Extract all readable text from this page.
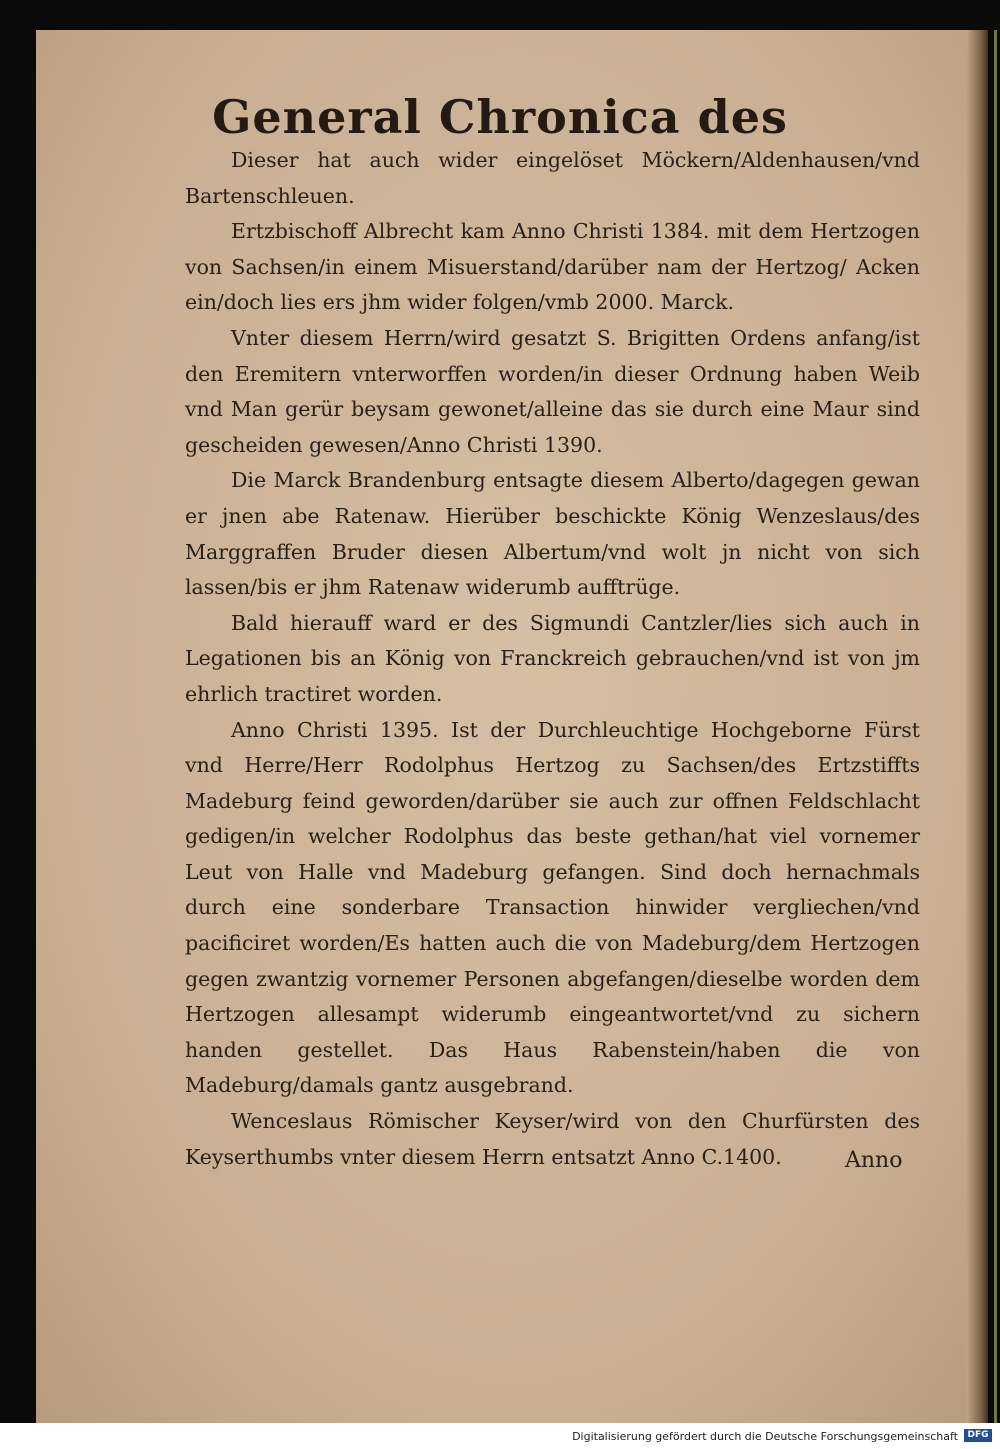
General Chronica des

Dieser hat auch wider eingelöset Möckern/Aldenhausen/vnd Bartenschleuen.

Ertzbischoff Albrecht kam Anno Christi 1384. mit dem Hertzogen von Sachsen/in einem Misuerstand/darüber nam der Hertzog/ Acken ein/doch lies ers jhm wider folgen/vmb 2000. Marck.

Vnter diesem Herrn/wird gesatzt S. Brigitten Ordens anfang/ist den Eremitern vnterworffen worden/in dieser Ordnung haben Weib vnd Man gerür beysam gewonet/alleine das sie durch eine Maur sind gescheiden gewesen/Anno Christi 1390.

Die Marck Brandenburg entsagte diesem Alberto/dagegen gewan er jnen abe Ratenaw. Hierüber beschickte König Wenzeslaus/des Marggraffen Bruder diesen Albertum/vnd wolt jn nicht von sich lassen/bis er jhm Ratenaw widerumb aufftrüge.

Bald hierauff ward er des Sigmundi Cantzler/lies sich auch in Legationen bis an König von Franckreich gebrauchen/vnd ist von jm ehrlich tractiret worden.

Anno Christi 1395. Ist der Durchleuchtige Hochgeborne Fürst vnd Herre/Herr Rodolphus Hertzog zu Sachsen/des Ertzstiffts Madeburg feind geworden/darüber sie auch zur offnen Feldschlacht gedigen/in welcher Rodolphus das beste gethan/hat viel vornemer Leut von Halle vnd Madeburg gefangen. Sind doch hernachmals durch eine sonderbare Transaction hinwider vergliechen/vnd pacificiret worden/Es hatten auch die von Madeburg/dem Hertzogen gegen zwantzig vornemer Personen abgefangen/dieselbe worden dem Hertzogen allesampt widerumb eingeantwortet/vnd zu sichern handen gestellet. Das Haus Rabenstein/haben die von Madeburg/damals gantz ausgebrand.

Wenceslaus Römischer Keyser/wird von den Churfürsten des Keyserthumbs vnter diesem Herrn entsatzt Anno C.1400.	Anno
Digitalisierung gefördert durch die Deutsche Forschungsgemeinschaft	DFG
